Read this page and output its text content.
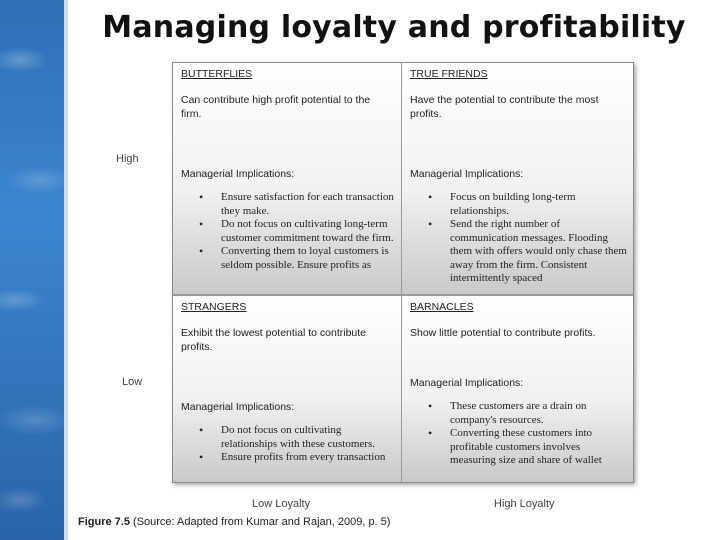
Managing loyalty and profitability
High
Low
Low Loyalty	High Loyalty
BUTTERFLIES
Can contribute high profit potential to the firm.
Managerial Implications:
• Ensure satisfaction for each transaction they make.
• Do not focus on cultivating long-term customer commitment toward the firm.
• Converting them to loyal customers is seldom possible. Ensure profits as
TRUE FRIENDS
Have the potential to contribute the most profits.
Managerial Implications:
• Focus on building long-term relationships.
• Send the right number of communication messages. Flooding them with offers would only chase them away from the firm. Consistent intermittently spaced
STRANGERS
Exhibit the lowest potential to contribute profits.
Managerial Implications:
• Do not focus on cultivating relationships with these customers.
• Ensure profits from every transaction
BARNACLES
Show little potential to contribute profits.
Managerial Implications:
• These customers are a drain on company's resources.
• Converting these customers into profitable customers involves measuring size and share of wallet
Figure 7.5 (Source: Adapted from Kumar and Rajan, 2009, p. 5)
